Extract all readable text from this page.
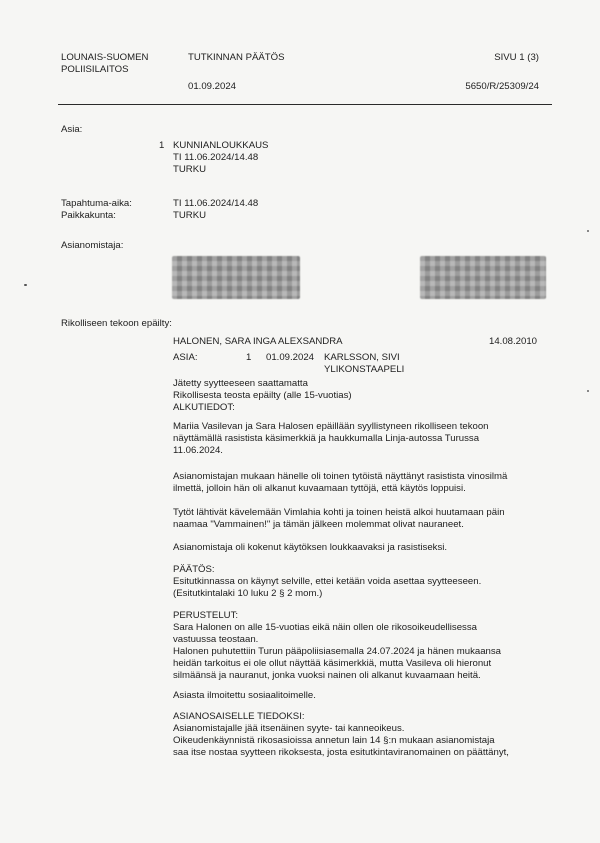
LOUNAIS-SUOMEN

POLIISILAITOS

TUTKINNAN PÄÄTÖS

01.09.2024

SIVU 1 (3)

5650/R/25309/24

Asia:

1 KUNNIANLOUKKAUS

TI 11.06.2024/14.48

TURKU

Tapahtuma-aika:

Paikkakunta:

TI 11.06.2024/14.48

TURKU

Asianomistaja:

Rikolliseen tekoon epäilty:

HALONEN, SARA INGA ALEXSANDRA	14.08.2010

ASIA:	1 01.09.2024 KARLSSON, SIVI

YLIKONSTAAPELI

Jätetty syytteeseen saattamatta

Rikollisesta teosta epäilty (alle 15-vuotias)

ALKUTIEDOT:

Mariia Vasilevan ja Sara Halosen epäillään syyllistyneen rikolliseen tekoon

näyttämällä rasistista käsimerkkiä ja haukkumalla Linja-autossa Turussa

11.06.2024.

Asianomistajan mukaan hänelle oli toinen tytöistä näyttänyt rasistista vinosilmä

ilmettä, jolloin hän oli alkanut kuvaamaan tyttöjä, että käytös loppuisi.

Tytöt lähtivät kävelemään Vimlahia kohti ja toinen heistä alkoi huutamaan päin

naamaa "Vammainen!" ja tämän jälkeen molemmat olivat nauraneet.

Asianomistaja oli kokenut käytöksen loukkaavaksi ja rasistiseksi.

PÄÄTÖS:

Esitutkinnassa on käynyt selville, ettei ketään voida asettaa syytteeseen.

(Esitutkintalaki 10 luku 2 § 2 mom.)

PERUSTELUT:

Sara Halonen on alle 15-vuotias eikä näin ollen ole rikosoikeudellisessa

vastuussa teostaan.

Halonen puhutettiin Turun pääpoliisiasemalla 24.07.2024 ja hänen mukaansa

heidän tarkoitus ei ole ollut näyttää käsimerkkiä, mutta Vasileva oli hieronut

silmäänsä ja nauranut, jonka vuoksi nainen oli alkanut kuvaamaan heitä.

Asiasta ilmoitettu sosiaalitoimelle.

ASIANOSAISELLE TIEDOKSI:

Asianomistajalle jää itsenäinen syyte- tai kanneoikeus.

Oikeudenkäynnistä rikosasioissa annetun lain 14 §:n mukaan asianomistaja

saa itse nostaa syytteen rikoksesta, josta esitutkintaviranomainen on päättänyt,
